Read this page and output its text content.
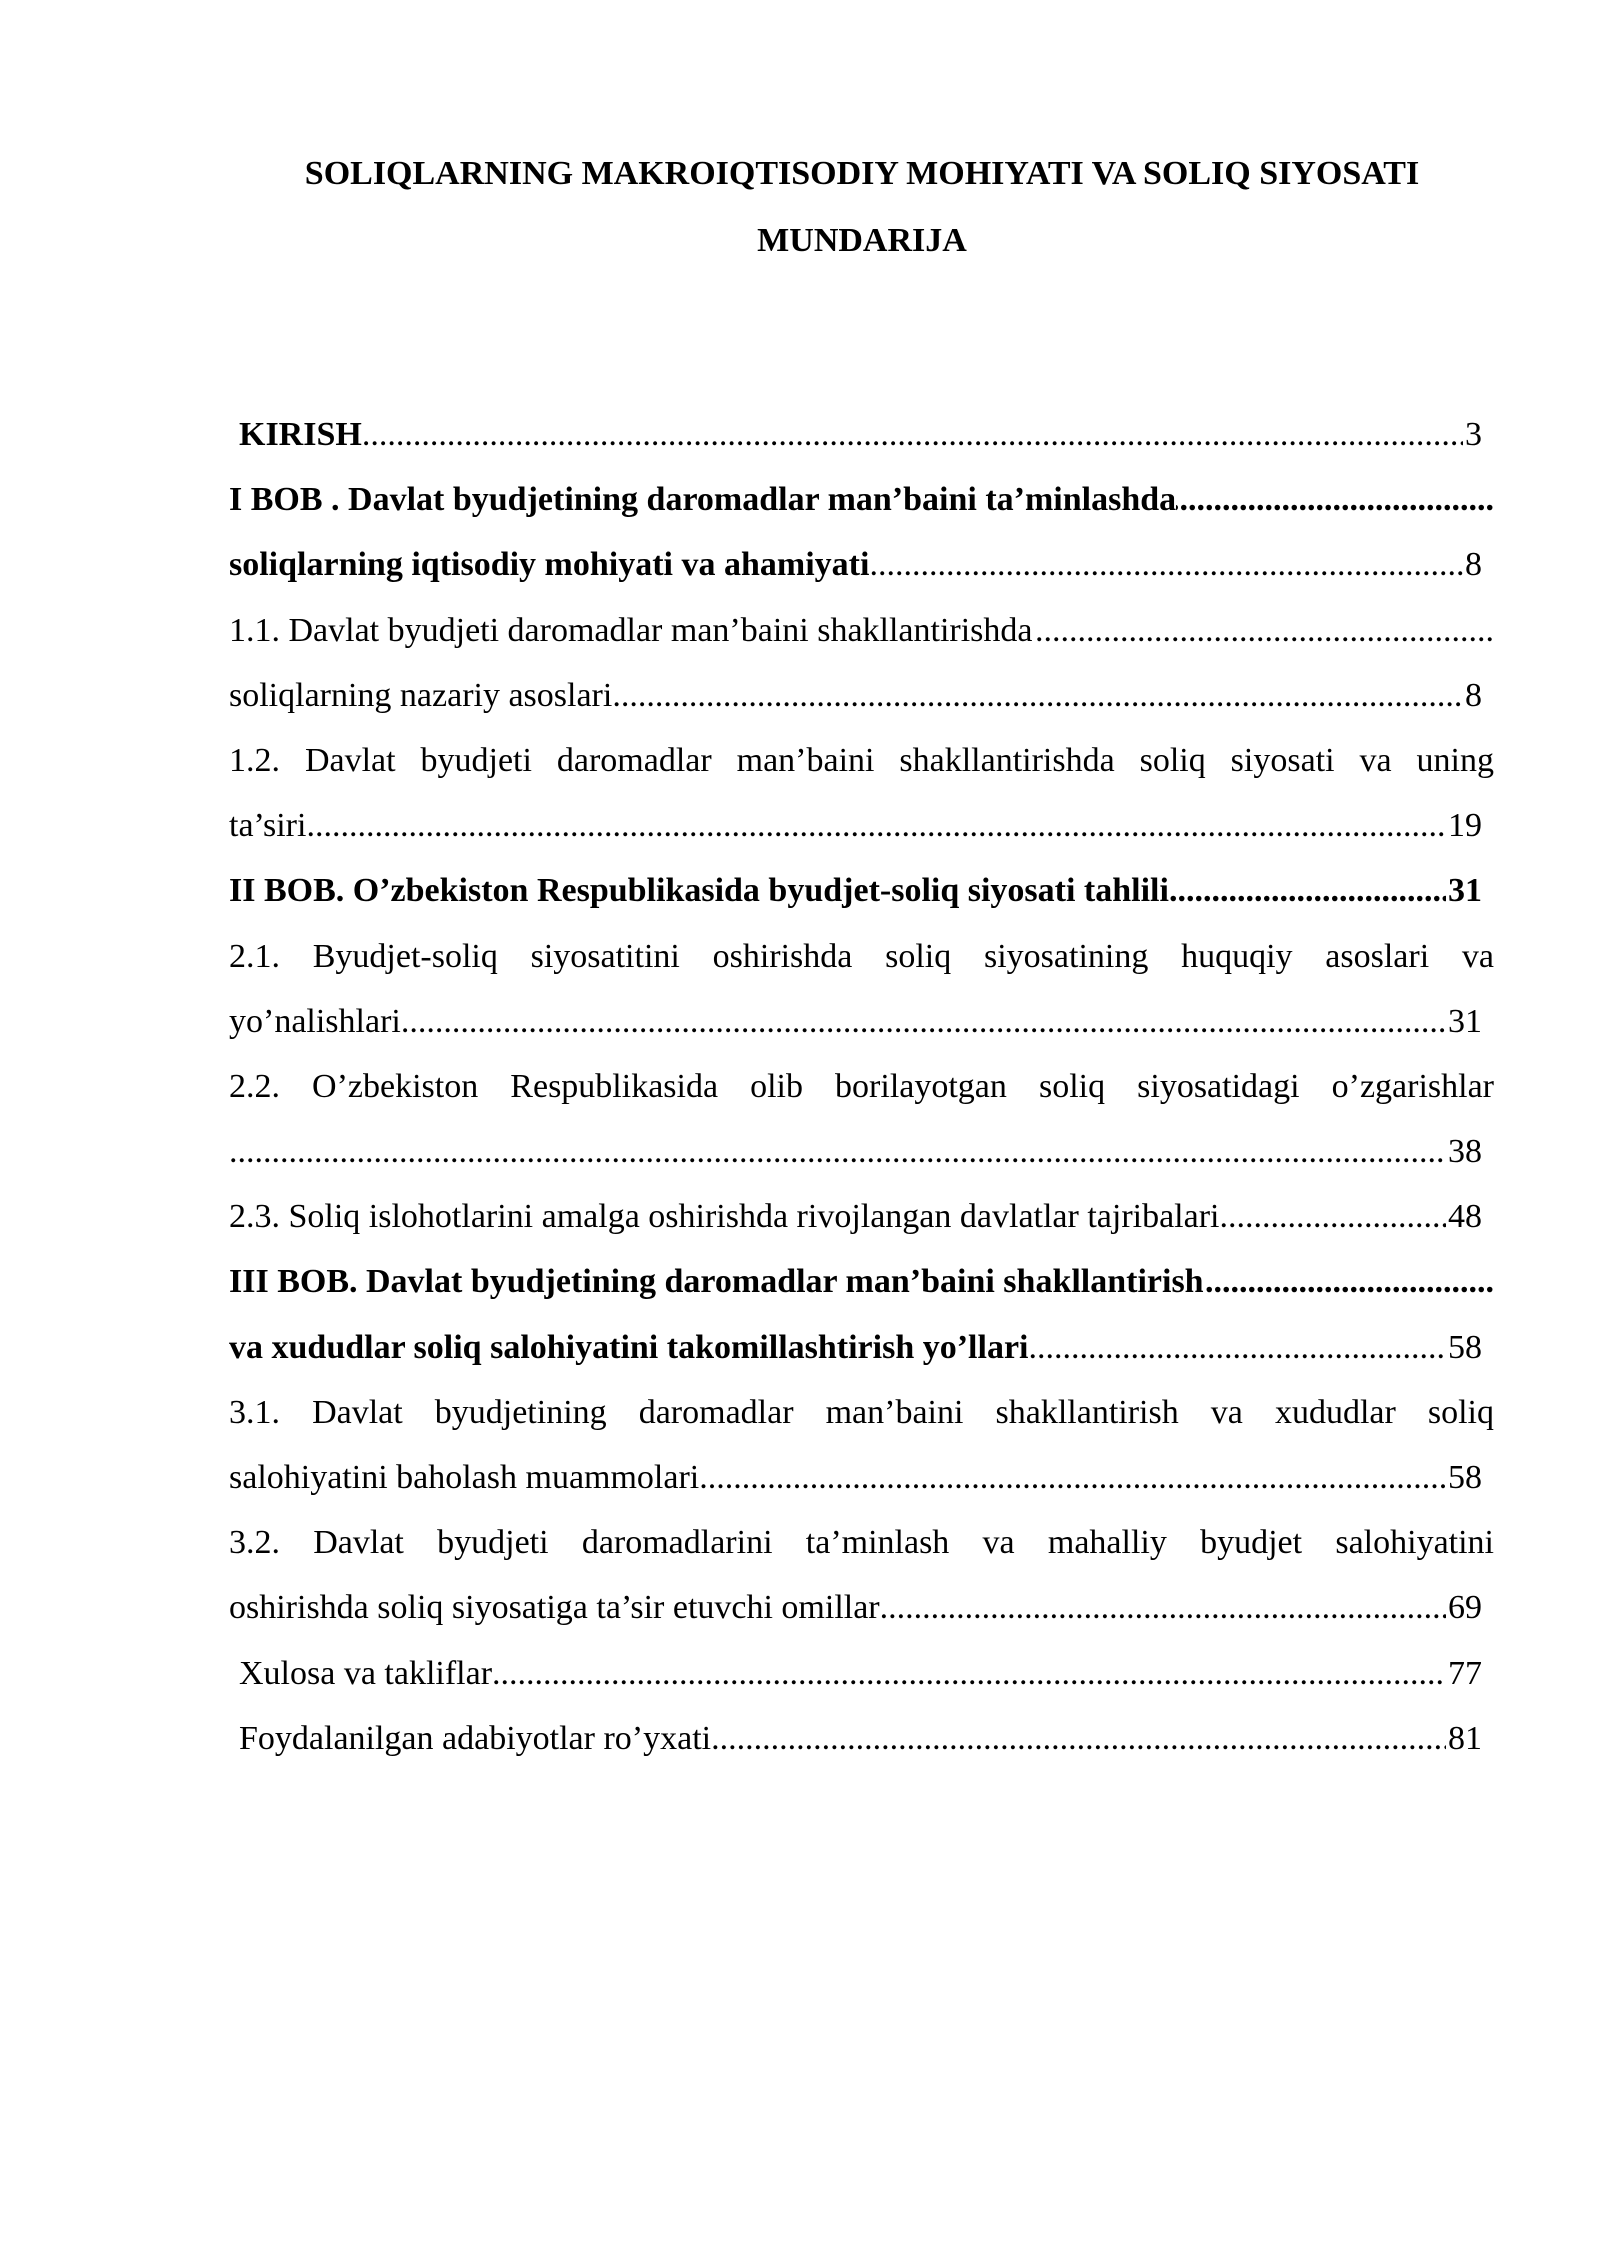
SOLIQLARNING MAKROIQTISODIY MOHIYATI VA SOLIQ SIYOSATI
MUNDARIJA
KIRISH .....	3
I BOB . Davlat byudjetining daromadlar man’baini ta’minlashda
.....
soliqlarning iqtisodiy mohiyati va ahamiyati .....	8
1.1. Davlat byudjeti daromadlar man’baini shakllantirishda
.....
soliqlarning nazariy asoslari .....	8
1.2. Davlat byudjeti daromadlar man’baini shakllantirishda soliq siyosati va uning
ta’siri .....	19
II BOB. O’zbekiston Respublikasida byudjet-soliq siyosati tahlili .....	31
2.1. Byudjet-soliq siyosatitini oshirishda soliq siyosatining huquqiy asoslari va
yo’nalishlari .....	31
2.2. O’zbekiston Respublikasida olib borilayotgan soliq siyosatidagi o’zgarishlar
.....
38
2.3. Soliq islohotlarini amalga oshirishda rivojlangan davlatlar tajribalari .....	48
III BOB. Davlat byudjetining daromadlar man’baini shakllantirish
.....
va xududlar soliq salohiyatini takomillashtirish yo’llari .....	58
3.1. Davlat byudjetining daromadlar man’baini shakllantirish va xududlar soliq
salohiyatini baholash muammolari .....	58
3.2. Davlat byudjeti daromadlarini ta’minlash va mahalliy byudjet salohiyatini
oshirishda soliq siyosatiga ta’sir etuvchi omillar .....	69
Xulosa va takliflar .....	77
Foydalanilgan adabiyotlar ro’yxati .....	81
